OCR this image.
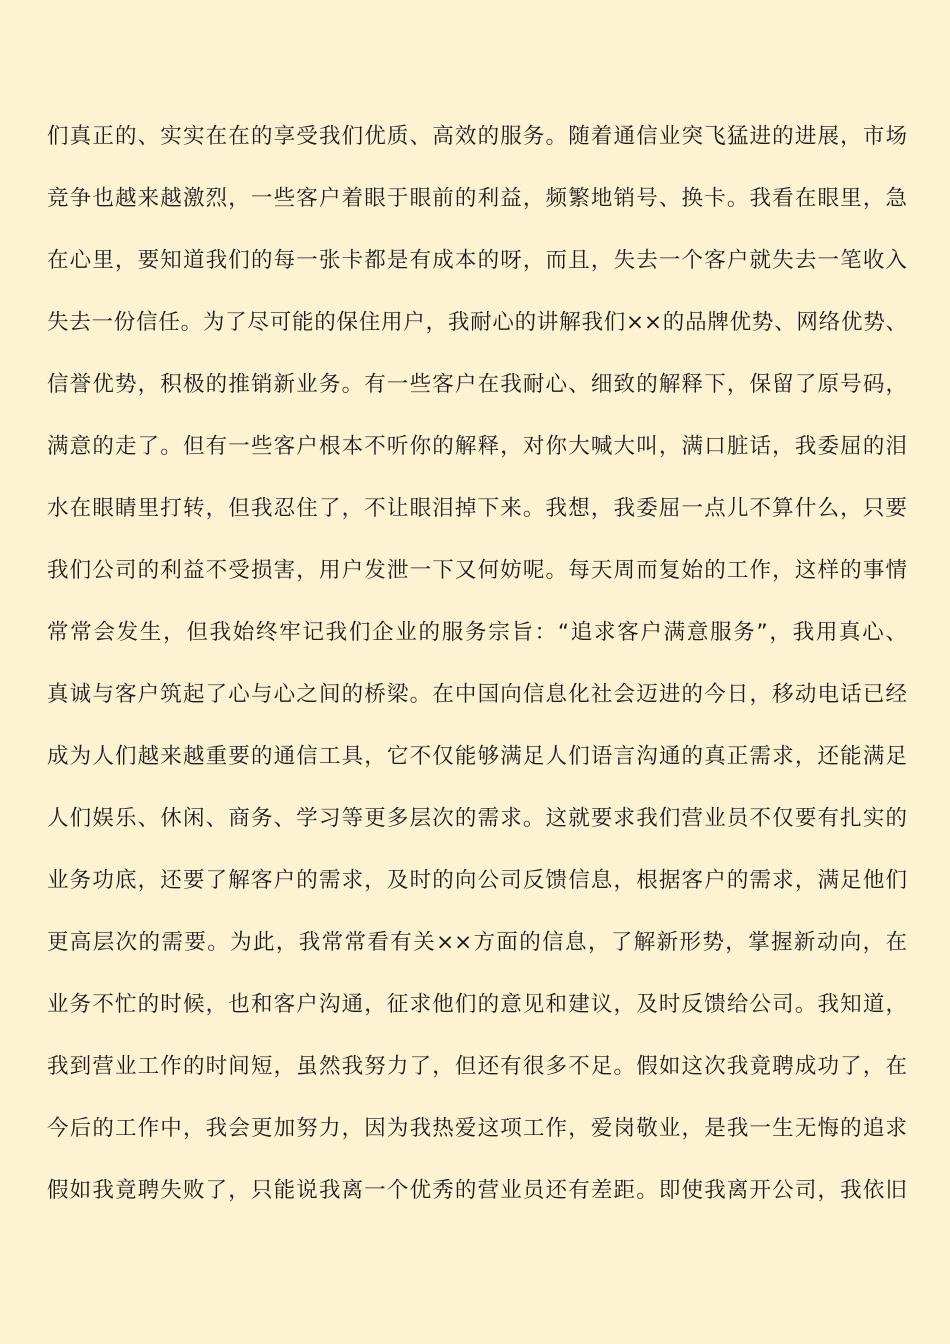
们真正的、实实在在的享受我们优质、高效的服务。随着通信业突飞猛进的进展，市场
竞争也越来越激烈，一些客户着眼于眼前的利益，频繁地销号、换卡。我看在眼里，急
在心里，要知道我们的每一张卡都是有成本的呀，而且，失去一个客户就失去一笔收入
失去一份信任。为了尽可能的保住用户，我耐心的讲解我们××的品牌优势、网络优势、
信誉优势，积极的推销新业务。有一些客户在我耐心、细致的解释下，保留了原号码，
满意的走了。但有一些客户根本不听你的解释，对你大喊大叫，满口脏话，我委屈的泪
水在眼睛里打转，但我忍住了，不让眼泪掉下来。我想，我委屈一点儿不算什么，只要
我们公司的利益不受损害，用户发泄一下又何妨呢。每天周而复始的工作，这样的事情
常常会发生，但我始终牢记我们企业的服务宗旨：“追求客户满意服务”，我用真心、
真诚与客户筑起了心与心之间的桥梁。在中国向信息化社会迈进的今日，移动电话已经
成为人们越来越重要的通信工具，它不仅能够满足人们语言沟通的真正需求，还能满足
人们娱乐、休闲、商务、学习等更多层次的需求。这就要求我们营业员不仅要有扎实的
业务功底，还要了解客户的需求，及时的向公司反馈信息，根据客户的需求，满足他们
更高层次的需要。为此，我常常看有关××方面的信息，了解新形势，掌握新动向，在
业务不忙的时候，也和客户沟通，征求他们的意见和建议，及时反馈给公司。我知道，
我到营业工作的时间短，虽然我努力了，但还有很多不足。假如这次我竟聘成功了，在
今后的工作中，我会更加努力，因为我热爱这项工作，爱岗敬业，是我一生无悔的追求
假如我竟聘失败了，只能说我离一个优秀的营业员还有差距。即使我离开公司，我依旧
